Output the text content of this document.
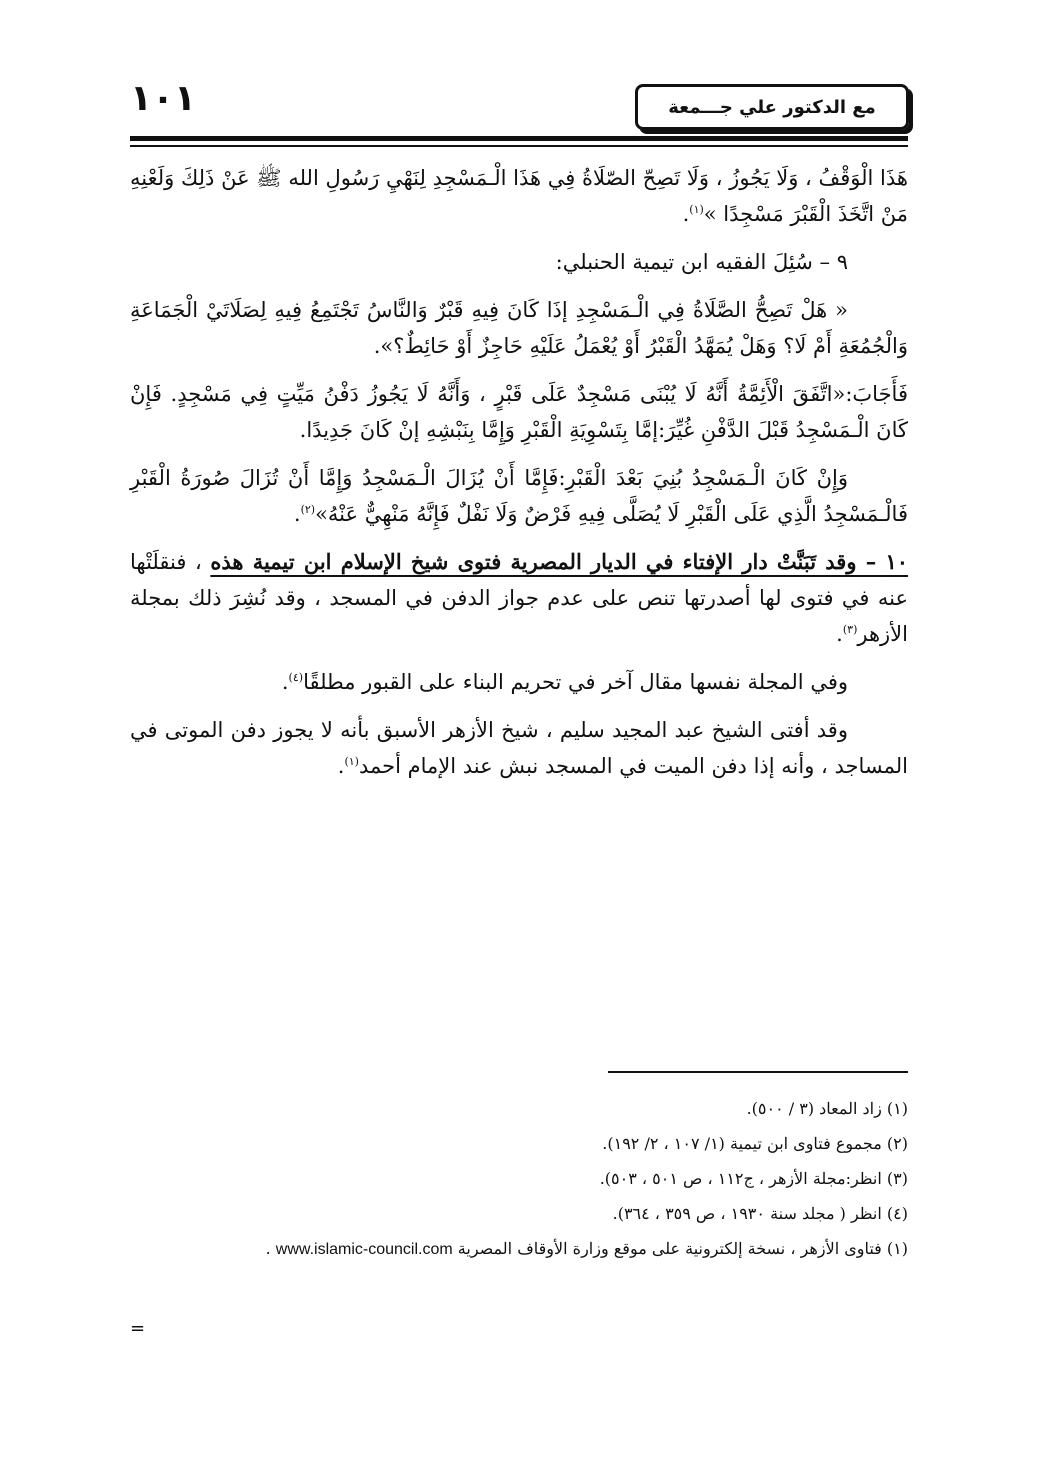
١٠١	مع الدكتور علي جـــمعة

هَذَا الْوَقْفُ ، وَلَا يَجُوزُ ، وَلَا تَصِحّ الصّلَاةُ فِي هَذَا الْـمَسْجِدِ لِنَهْيِ رَسُولِ الله ﷺ عَنْ ذَلِكَ وَلَعْنِهِ مَنْ اتَّخَذَ الْقَبْرَ مَسْجِدًا »$^{(١)}$.

٩ – سُئِلَ الفقيه ابن تيمية الحنبلي:

« هَلْ تَصِحُّ الصَّلَاةُ فِي الْـمَسْجِدِ إذَا كَانَ فِيهِ قَبْرٌ وَالنَّاسُ تَجْتَمِعُ فِيهِ لِصَلَاتَيْ الْجَمَاعَةِ وَالْجُمُعَةِ أَمْ لَا؟ وَهَلْ يُمَهَّدُ الْقَبْرُ أَوْ يُعْمَلُ عَلَيْهِ حَاجِزٌ أَوْ حَائِطٌ؟».

فَأَجَابَ:«اتَّفَقَ الْأَئِمَّةُ أَنَّهُ لَا يُبْنَى مَسْجِدٌ عَلَى قَبْرٍ ، وَأَنَّهُ لَا يَجُوزُ دَفْنُ مَيِّتٍ فِي مَسْجِدٍ. فَإِنْ كَانَ الْـمَسْجِدُ قَبْلَ الدَّفْنِ غُيِّرَ:إمَّا بِتَسْوِيَةِ الْقَبْرِ وَإِمَّا بِنَبْشِهِ إنْ كَانَ جَدِيدًا.

وَإِنْ كَانَ الْـمَسْجِدُ بُنِيَ بَعْدَ الْقَبْرِ:فَإِمَّا أَنْ يُزَالَ الْـمَسْجِدُ وَإِمَّا أَنْ تُزَالَ صُورَةُ الْقَبْرِ فَالْـمَسْجِدُ الَّذِي عَلَى الْقَبْرِ لَا يُصَلَّى فِيهِ فَرْضٌ وَلَا نَفْلٌ فَإِنَّهُ مَنْهِيٌّ عَنْهُ»$^{(٢)}$.

١٠ – وقد تَبَنَّتْ دار الإفتاء في الديار المصرية فتوى شيخ الإسلام ابن تيمية هذه ، فنقلَتْها عنه في فتوى لها أصدرتها تنص على عدم جواز الدفن في المسجد ، وقد نُشِرَ ذلك بمجلة الأزهر$^{(٣)}$.

وفي المجلة نفسها مقال آخر في تحريم البناء على القبور مطلقًا$^{(٤)}$.

وقد أفتى الشيخ عبد المجيد سليم ، شيخ الأزهر الأسبق بأنه لا يجوز دفن الموتى في المساجد ، وأنه إذا دفن الميت في المسجد نبش عند الإمام أحمد$^{(١)}$.

(١) زاد المعاد (٣ / ٥٠٠).

(٢) مجموع فتاوى ابن تيمية (١/ ١٠٧ ، ٢/ ١٩٢).

(٣) انظر:مجلة الأزهر ، ج١١٢ ، ص ٥٠١ ، ٥٠٣).

(٤) انظر ( مجلد سنة ١٩٣٠ ، ص ٣٥٩ ، ٣٦٤).

(١) فتاوى الأزهر ، نسخة إلكترونية على موقع وزارة الأوقاف المصرية www.islamic-council.com .

=
